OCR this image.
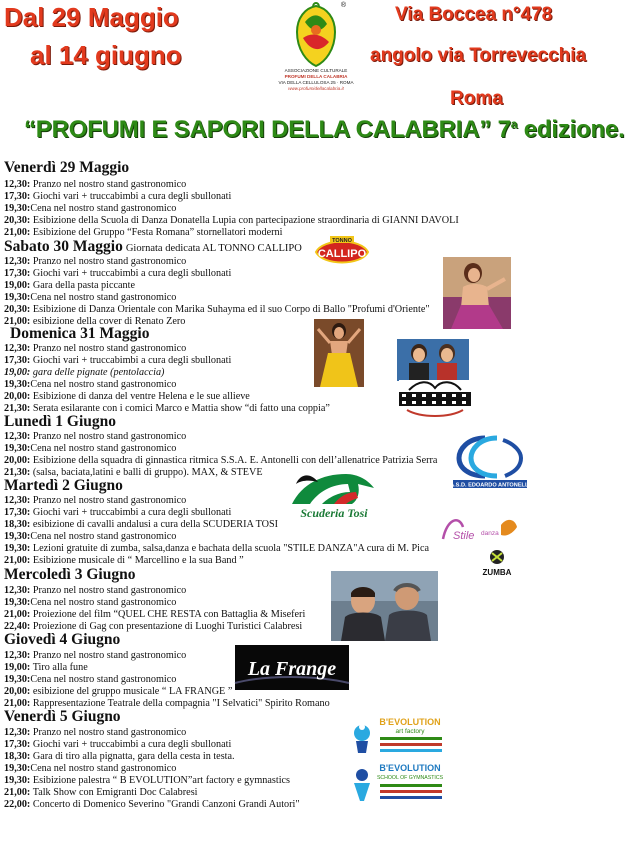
Dal 29 Maggio
al 14 giugno
Via Boccea n°478
angolo via Torrevecchia
Roma
®
ASSOCIAZIONE CULTURALE
PROFUMI DELLA CALABRIA
VIA DELLA CELLULOSA 25 · ROMA
www.profumidellacalabria.it
“PROFUMI E SAPORI DELLA CALABRIA” 7$^a$ edizione.
Venerdì 29 Maggio
12,30: Pranzo nel nostro stand gastronomico
17,30: Giochi vari + truccabimbi a cura degli sbullonati
19,30:Cena nel nostro stand gastronomico
20,30: Esibizione della Scuola di Danza Donatella Lupia con partecipazione straordinaria di GIANNI DAVOLI
21,00: Esibizione del Gruppo “Festa Romana” stornellatori moderni
Sabato 30 Maggio Giornata dedicata AL TONNO CALLIPO
12,30: Pranzo nel nostro stand gastronomico
17,30: Giochi vari + truccabimbi a cura degli sbullonati
19,00: Gara della pasta piccante
19,30:Cena nel nostro stand gastronomico
20,30: Esibizione di Danza Orientale con Marika Suhayma ed il suo Corpo di Ballo "Profumi d'Oriente"
21,00: esibizione della cover di Renato Zero
Domenica 31 Maggio
12,30: Pranzo nel nostro stand gastronomico
17,30: Giochi vari + truccabimbi a cura degli sbullonati
19,00: gara delle pignate (pentolaccia)
19,30:Cena nel nostro stand gastronomico
20,00: Esibizione di danza del ventre Helena e le sue allieve
21,30: Serata esilarante con i comici Marco e Mattia show “di fatto una coppia”
Lunedì 1 Giugno
12,30: Pranzo nel nostro stand gastronomico
19,30:Cena nel nostro stand gastronomico
20,00: Esibizione della squadra di ginnastica ritmica S.S.A. E. Antonelli con dell’allenatrice Patrizia Serra
21,30: (salsa, baciata,latini e balli di gruppo). MAX, & STEVE
Martedì 2 Giugno
12,30: Pranzo nel nostro stand gastronomico
17,30: Giochi vari + truccabimbi a cura degli sbullonati
18,30: esibizione di cavalli andalusi a cura della SCUDERIA TOSI
19,30:Cena nel nostro stand gastronomico
19,30: Lezioni gratuite di zumba, salsa,danza e bachata della scuola "STILE DANZA"A cura di M. Pica
21,00: Esibizione musicale di “ Marcellino e la sua Band ”
Mercoledì 3 Giugno
12,30: Pranzo nel nostro stand gastronomico
19,30:Cena nel nostro stand gastronomico
21,00: Proiezione del film “QUEL CHE RESTA con Battaglia & Miseferi
22,40: Proiezione di Gag con presentazione di Luoghi Turistici Calabresi
Giovedì 4 Giugno
12,30: Pranzo nel nostro stand gastronomico
19,00: Tiro alla fune
19,30:Cena nel nostro stand gastronomico
20,00: esibizione del gruppo musicale “ LA FRANGE ”
21,00: Rappresentazione Teatrale della compagnia "I Selvatici" Spirito Romano
Venerdì 5 Giugno
12,30: Pranzo nel nostro stand gastronomico
17,30: Giochi vari + truccabimbi a cura degli sbullonati
18,30: Gara di tiro alla pignatta, gara della cesta in testa.
19,30:Cena nel nostro stand gastronomico
19,30: Esibizione palestra “ B EVOLUTION”art factory e gymnastics
21,00: Talk Show con Emigranti Doc Calabresi
22,00: Concerto di Domenico Severino "Grandi Canzoni Grandi Autori"
TONNO
CALLIPO
A.S.D. EDOARDO ANTONELLI
Scuderia Tosi
Stile danza
ZUMBA
La Frange
B'EVOLUTION
art factory
B'EVOLUTION
SCHOOL OF GYMNASTICS
